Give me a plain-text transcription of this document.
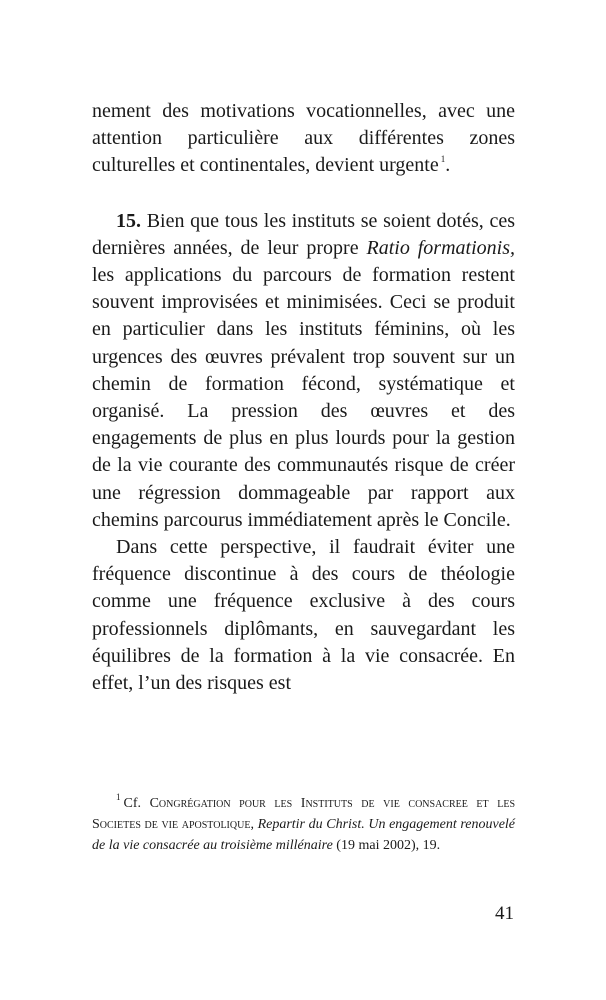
nement des motivations vocationnelles, avec une attention particulière aux différentes zones culturelles et continentales, devient urgente $^1$.

15. Bien que tous les instituts se soient dotés, ces dernières années, de leur propre Ratio formationis, les applications du parcours de formation restent souvent improvisées et minimisées. Ceci se produit en particulier dans les instituts féminins, où les urgences des œuvres prévalent trop souvent sur un chemin de formation fécond, systématique et organisé. La pression des œuvres et des engagements de plus en plus lourds pour la gestion de la vie courante des communautés risque de créer une régression dommageable par rapport aux chemins parcourus immédiatement après le Concile.

Dans cette perspective, il faudrait éviter une fréquence discontinue à des cours de théologie comme une fréquence exclusive à des cours professionnels diplômants, en sauvegardant les équilibres de la formation à la vie consacrée. En effet, l’un des risques est

$^1$ Cf. Congrégation pour les Instituts de vie consacree et les Societes de vie apostolique, Repartir du Christ. Un engagement renouvelé de la vie consacrée au troisième millénaire (19 mai 2002), 19.

41
